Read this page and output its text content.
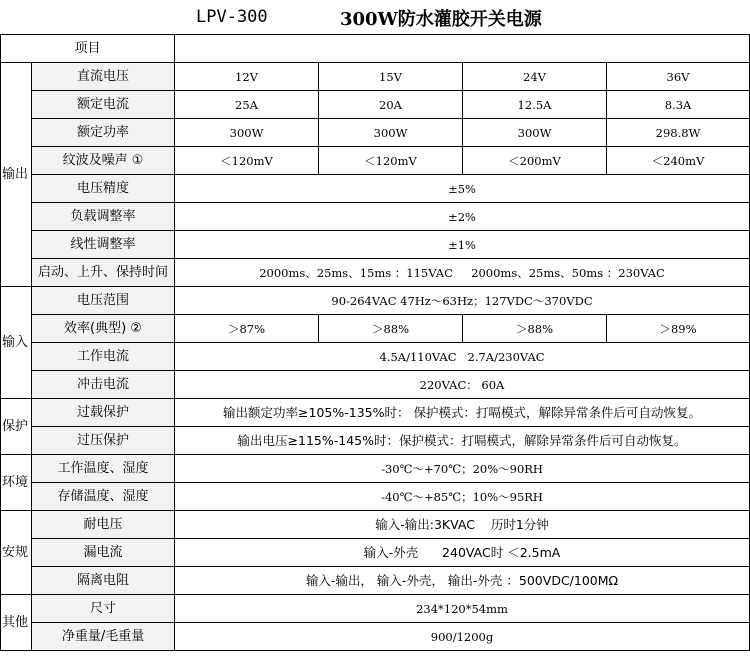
LPV-300	300W防水灌胶开关电源
项目					
输出	直流电压	12V	15V	24V	36V
	额定电流	25A	20A	12.5A	8.3A
	额定功率	300W	300W	300W	298.8W
	纹波及噪声 ①	＜120mV	＜120mV	＜200mV	＜240mV
	电压精度	±5%			
	负载调整率	±2%			
	线性调整率	±1%			
	启动、上升、保持时间	2000ms、25ms、15ms ：115VAC     2000ms、25ms、50ms ：230VAC			
输入	电压范围	90-264VAC 47Hz～63Hz；127VDC～370VDC			
	效率(典型) ②	＞87%	＞88%	＞88%	＞89%
	工作电流	4.5A/110VAC   2.7A/230VAC			
	冲击电流	220VAC： 60A			
保护	过载保护	输出额定功率≥105%-135%时： 保护模式：打嗝模式，解除异常条件后可自动恢复。			
	过压保护	输出电压≥115%-145%时：保护模式：打嗝模式，解除异常条件后可自动恢复。			
环境	工作温度、湿度	-30℃～+70℃；20%～90RH			
	存储温度、湿度	-40℃～+85℃；10%～95RH			
安规	耐电压	输入-输出:3KVAC    历时1分钟			
	漏电流	输入-外壳      240VAC时 ＜2.5mA			
	隔离电阻	输入-输出， 输入-外壳， 输出-外壳 ：500VDC/100MΩ			
其他	尺寸	234*120*54mm			
	净重量/毛重量	900/1200g			
